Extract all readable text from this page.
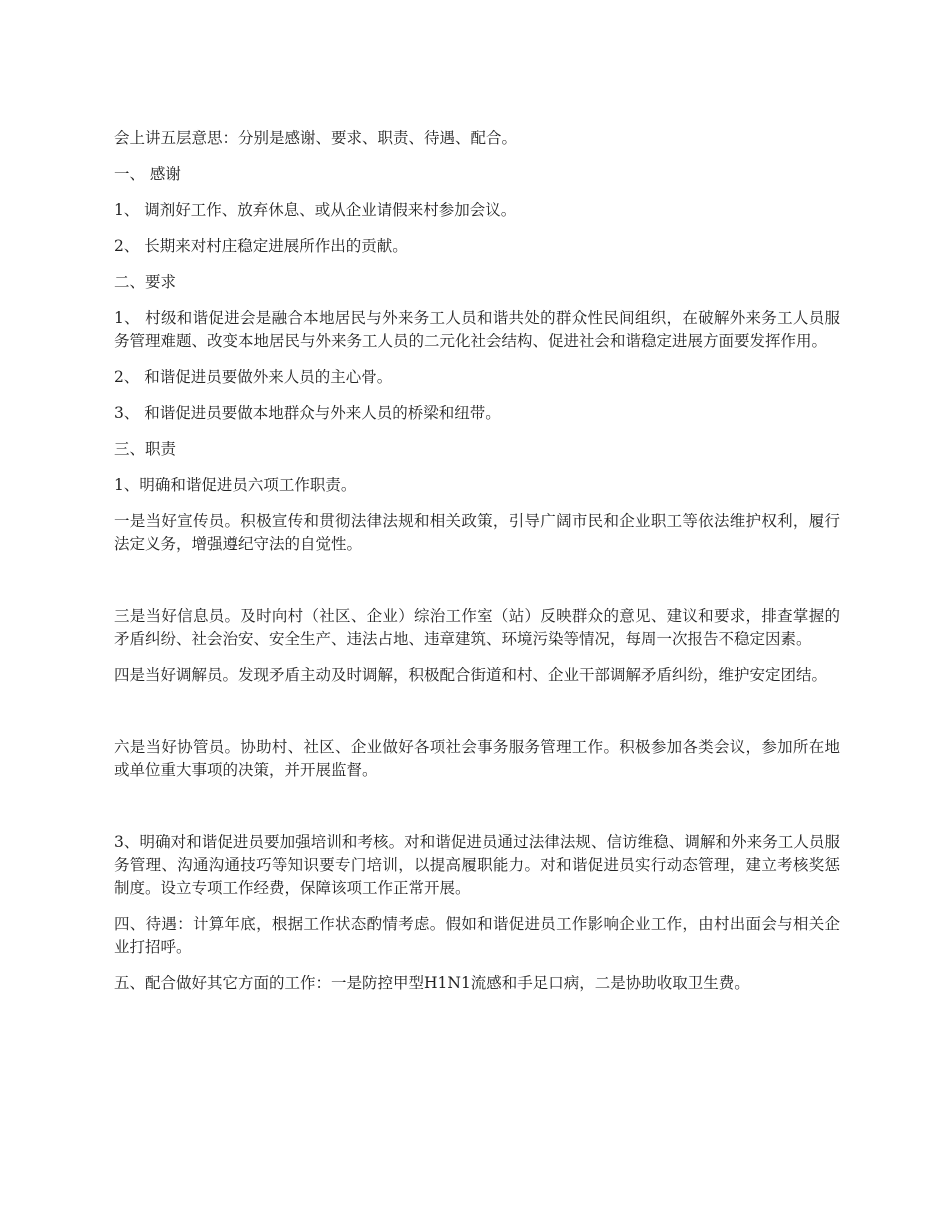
会上讲五层意思：分别是感谢、要求、职责、待遇、配合。

一、 感谢

1、 调剂好工作、放弃休息、或从企业请假来村参加会议。

2、 长期来对村庄稳定进展所作出的贡献。

二、要求

1、 村级和谐促进会是融合本地居民与外来务工人员和谐共处的群众性民间组织，在破解外来务工人员服务管理难题、改变本地居民与外来务工人员的二元化社会结构、促进社会和谐稳定进展方面要发挥作用。

2、 和谐促进员要做外来人员的主心骨。

3、 和谐促进员要做本地群众与外来人员的桥梁和纽带。

三、职责

1、明确和谐促进员六项工作职责。

一是当好宣传员。积极宣传和贯彻法律法规和相关政策，引导广阔市民和企业职工等依法维护权利，履行法定义务，增强遵纪守法的自觉性。

三是当好信息员。及时向村（社区、企业）综治工作室（站）反映群众的意见、建议和要求，排查掌握的矛盾纠纷、社会治安、安全生产、违法占地、违章建筑、环境污染等情况，每周一次报告不稳定因素。

四是当好调解员。发现矛盾主动及时调解，积极配合街道和村、企业干部调解矛盾纠纷，维护安定团结。

六是当好协管员。协助村、社区、企业做好各项社会事务服务管理工作。积极参加各类会议，参加所在地或单位重大事项的决策，并开展监督。

3、明确对和谐促进员要加强培训和考核。对和谐促进员通过法律法规、信访维稳、调解和外来务工人员服务管理、沟通沟通技巧等知识要专门培训，以提高履职能力。对和谐促进员实行动态管理，建立考核奖惩制度。设立专项工作经费，保障该项工作正常开展。

四、待遇：计算年底，根据工作状态酌情考虑。假如和谐促进员工作影响企业工作，由村出面会与相关企业打招呼。

五、配合做好其它方面的工作：一是防控甲型H1N1流感和手足口病，二是协助收取卫生费。
